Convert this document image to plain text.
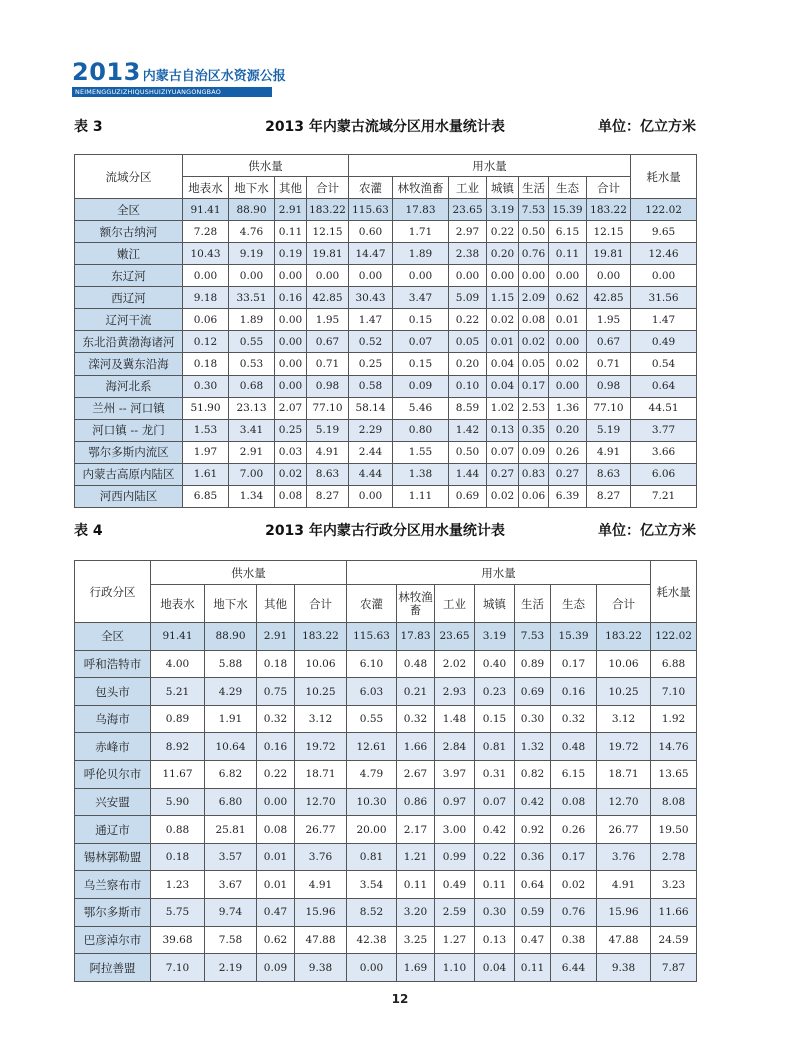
2013 内蒙古自治区水资源公报
NEIMENGGUZIZHIQUSHUIZIYUANGONGBAO
表 3	2013 年内蒙古流域分区用水量统计表	单位：亿立方米
流域分区	供水量				用水量							耗水量
	地表水	地下水	其他	合计	农灌	林牧渔畜	工业	城镇	生活	生态	合计	
全区	91.41	88.90	2.91	183.22	115.63	17.83	23.65	3.19	7.53	15.39	183.22	122.02
额尔古纳河	7.28	4.76	0.11	12.15	0.60	1.71	2.97	0.22	0.50	6.15	12.15	9.65
嫩江	10.43	9.19	0.19	19.81	14.47	1.89	2.38	0.20	0.76	0.11	19.81	12.46
东辽河	0.00	0.00	0.00	0.00	0.00	0.00	0.00	0.00	0.00	0.00	0.00	0.00
西辽河	9.18	33.51	0.16	42.85	30.43	3.47	5.09	1.15	2.09	0.62	42.85	31.56
辽河干流	0.06	1.89	0.00	1.95	1.47	0.15	0.22	0.02	0.08	0.01	1.95	1.47
东北沿黄渤海诸河	0.12	0.55	0.00	0.67	0.52	0.07	0.05	0.01	0.02	0.00	0.67	0.49
滦河及冀东沿海	0.18	0.53	0.00	0.71	0.25	0.15	0.20	0.04	0.05	0.02	0.71	0.54
海河北系	0.30	0.68	0.00	0.98	0.58	0.09	0.10	0.04	0.17	0.00	0.98	0.64
兰州 -- 河口镇	51.90	23.13	2.07	77.10	58.14	5.46	8.59	1.02	2.53	1.36	77.10	44.51
河口镇 -- 龙门	1.53	3.41	0.25	5.19	2.29	0.80	1.42	0.13	0.35	0.20	5.19	3.77
鄂尔多斯内流区	1.97	2.91	0.03	4.91	2.44	1.55	0.50	0.07	0.09	0.26	4.91	3.66
内蒙古高原内陆区	1.61	7.00	0.02	8.63	4.44	1.38	1.44	0.27	0.83	0.27	8.63	6.06
河西内陆区	6.85	1.34	0.08	8.27	0.00	1.11	0.69	0.02	0.06	6.39	8.27	7.21
表 4	2013 年内蒙古行政分区用水量统计表	单位：亿立方米
行政分区	供水量				用水量							耗水量
	地表水	地下水	其他	合计	农灌	林牧渔畜	工业	城镇	生活	生态	合计	
全区	91.41	88.90	2.91	183.22	115.63	17.83	23.65	3.19	7.53	15.39	183.22	122.02
呼和浩特市	4.00	5.88	0.18	10.06	6.10	0.48	2.02	0.40	0.89	0.17	10.06	6.88
包头市	5.21	4.29	0.75	10.25	6.03	0.21	2.93	0.23	0.69	0.16	10.25	7.10
乌海市	0.89	1.91	0.32	3.12	0.55	0.32	1.48	0.15	0.30	0.32	3.12	1.92
赤峰市	8.92	10.64	0.16	19.72	12.61	1.66	2.84	0.81	1.32	0.48	19.72	14.76
呼伦贝尔市	11.67	6.82	0.22	18.71	4.79	2.67	3.97	0.31	0.82	6.15	18.71	13.65
兴安盟	5.90	6.80	0.00	12.70	10.30	0.86	0.97	0.07	0.42	0.08	12.70	8.08
通辽市	0.88	25.81	0.08	26.77	20.00	2.17	3.00	0.42	0.92	0.26	26.77	19.50
锡林郭勒盟	0.18	3.57	0.01	3.76	0.81	1.21	0.99	0.22	0.36	0.17	3.76	2.78
乌兰察布市	1.23	3.67	0.01	4.91	3.54	0.11	0.49	0.11	0.64	0.02	4.91	3.23
鄂尔多斯市	5.75	9.74	0.47	15.96	8.52	3.20	2.59	0.30	0.59	0.76	15.96	11.66
巴彦淖尔市	39.68	7.58	0.62	47.88	42.38	3.25	1.27	0.13	0.47	0.38	47.88	24.59
阿拉善盟	7.10	2.19	0.09	9.38	0.00	1.69	1.10	0.04	0.11	6.44	9.38	7.87
12
